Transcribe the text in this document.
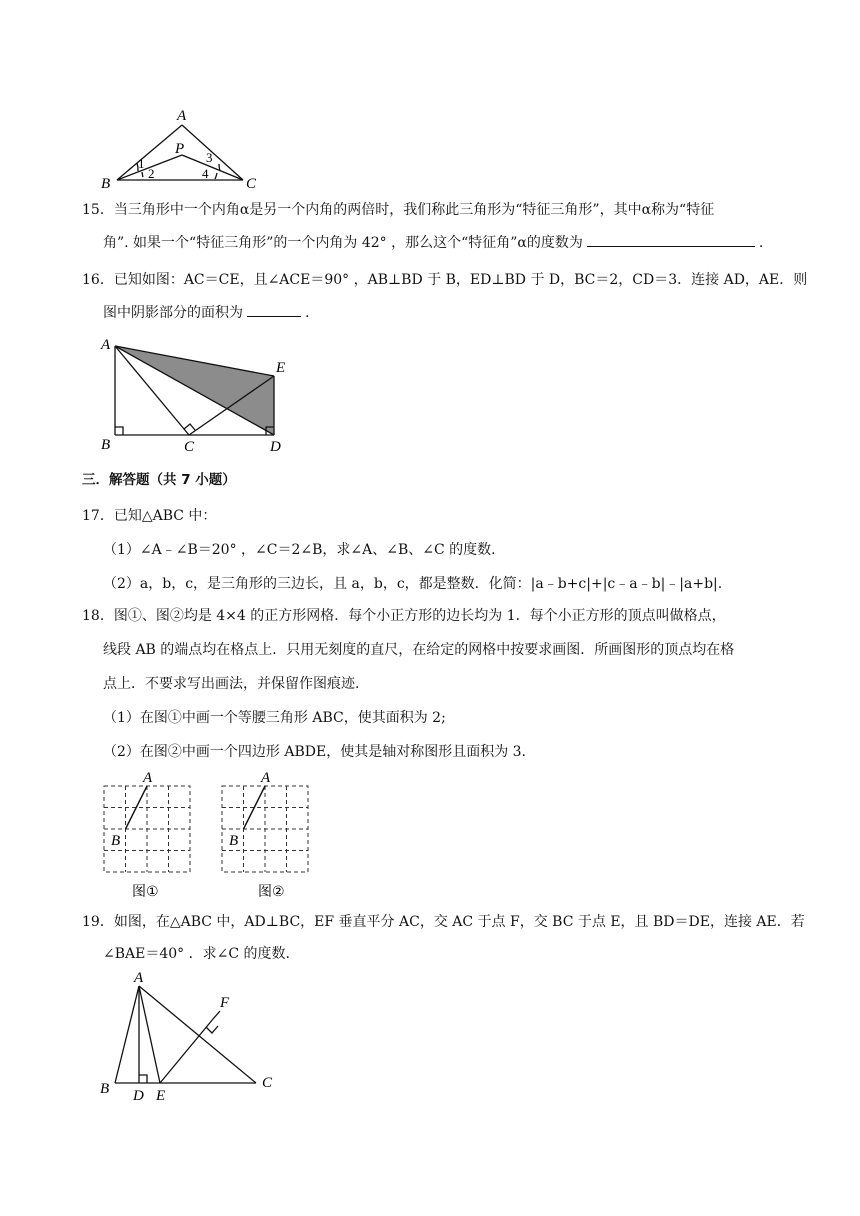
A
B	C
P
1
2
3
4
15．当三角形中一个内角α是另一个内角的两倍时，我们称此三角形为“特征三角形”，其中α称为“特征
角”. 如果一个“特征三角形”的一个内角为 42° ，那么这个“特征角”α的度数为	.
16．已知如图：AC＝CE，且∠ACE＝90° ，AB⊥BD 于 B，ED⊥BD 于 D，BC＝2，CD＝3．连接 AD，AE．则
图中阴影部分的面积为	.
A
B	C	D
E
三．解答题（共 7 小题）
17．已知△ABC 中：
（1）∠A﹣∠B＝20° ，∠C＝2∠B，求∠A、∠B、∠C 的度数.
（2）a，b，c，是三角形的三边长，且 a，b，c，都是整数．化简：|a﹣b+c|+|c﹣a﹣b|﹣|a+b|.
18．图①、图②均是 4×4 的正方形网格．每个小正方形的边长均为 1．每个小正方形的顶点叫做格点，
线段 AB 的端点均在格点上．只用无刻度的直尺，在给定的网格中按要求画图．所画图形的顶点均在格
点上．不要求写出画法，并保留作图痕迹.
（1）在图①中画一个等腰三角形 ABC，使其面积为 2;
（2）在图②中画一个四边形 ABDE，使其是轴对称图形且面积为 3.
A
B
图①
A
B
图②
19．如图，在△ABC 中，AD⊥BC，EF 垂直平分 AC，交 AC 于点 F，交 BC 于点 E，且 BD＝DE，连接 AE．若
∠BAE＝40° ．求∠C 的度数.
A
B	C
D E
F
